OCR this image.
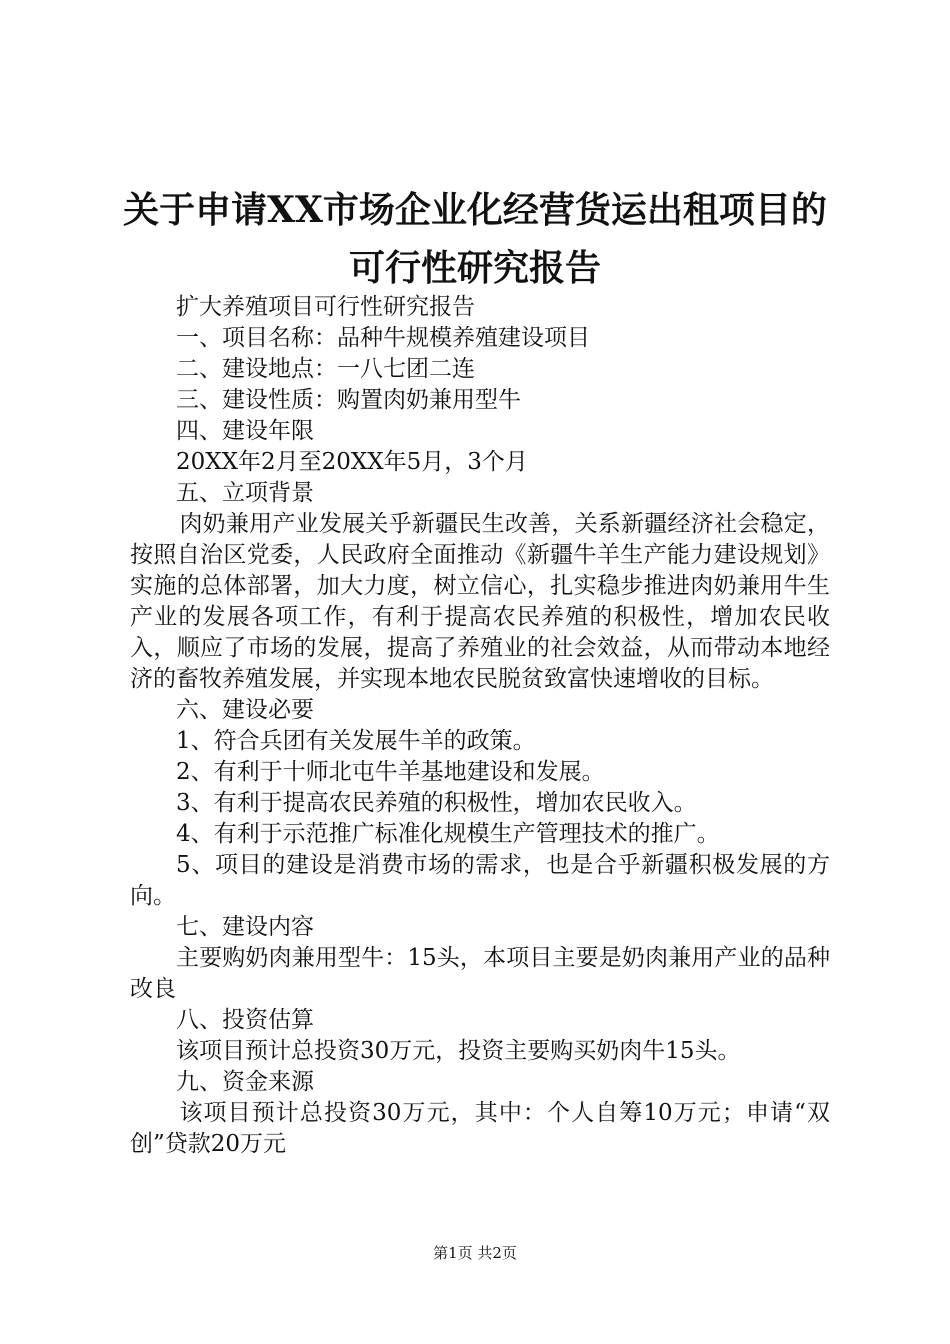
关于申请XX市场企业化经营货运出租项目的
可行性研究报告

扩大养殖项目可行性研究报告

一、项目名称：品种牛规模养殖建设项目

二、建设地点：一八七团二连

三、建设性质：购置肉奶兼用型牛

四、建设年限

20XX年2月至20XX年5月，3个月

五、立项背景

肉奶兼用产业发展关乎新疆民生改善，关系新疆经济社会稳定，按照自治区党委，人民政府全面推动《新疆牛羊生产能力建设规划》实施的总体部署，加大力度，树立信心，扎实稳步推进肉奶兼用牛生产业的发展各项工作，有利于提高农民养殖的积极性，增加农民收入，顺应了市场的发展，提高了养殖业的社会效益，从而带动本地经济的畜牧养殖发展，并实现本地农民脱贫致富快速增收的目标。

六、建设必要

1、符合兵团有关发展牛羊的政策。

2、有利于十师北屯牛羊基地建设和发展。

3、有利于提高农民养殖的积极性，增加农民收入。

4、有利于示范推广标准化规模生产管理技术的推广。

5、项目的建设是消费市场的需求，也是合乎新疆积极发展的方向。

七、建设内容

主要购奶肉兼用型牛：15头，本项目主要是奶肉兼用产业的品种改良

八、投资估算

该项目预计总投资30万元，投资主要购买奶肉牛15头。

九、资金来源

该项目预计总投资30万元，其中：个人自筹10万元；申请“双创”贷款20万元

第1页 共2页
